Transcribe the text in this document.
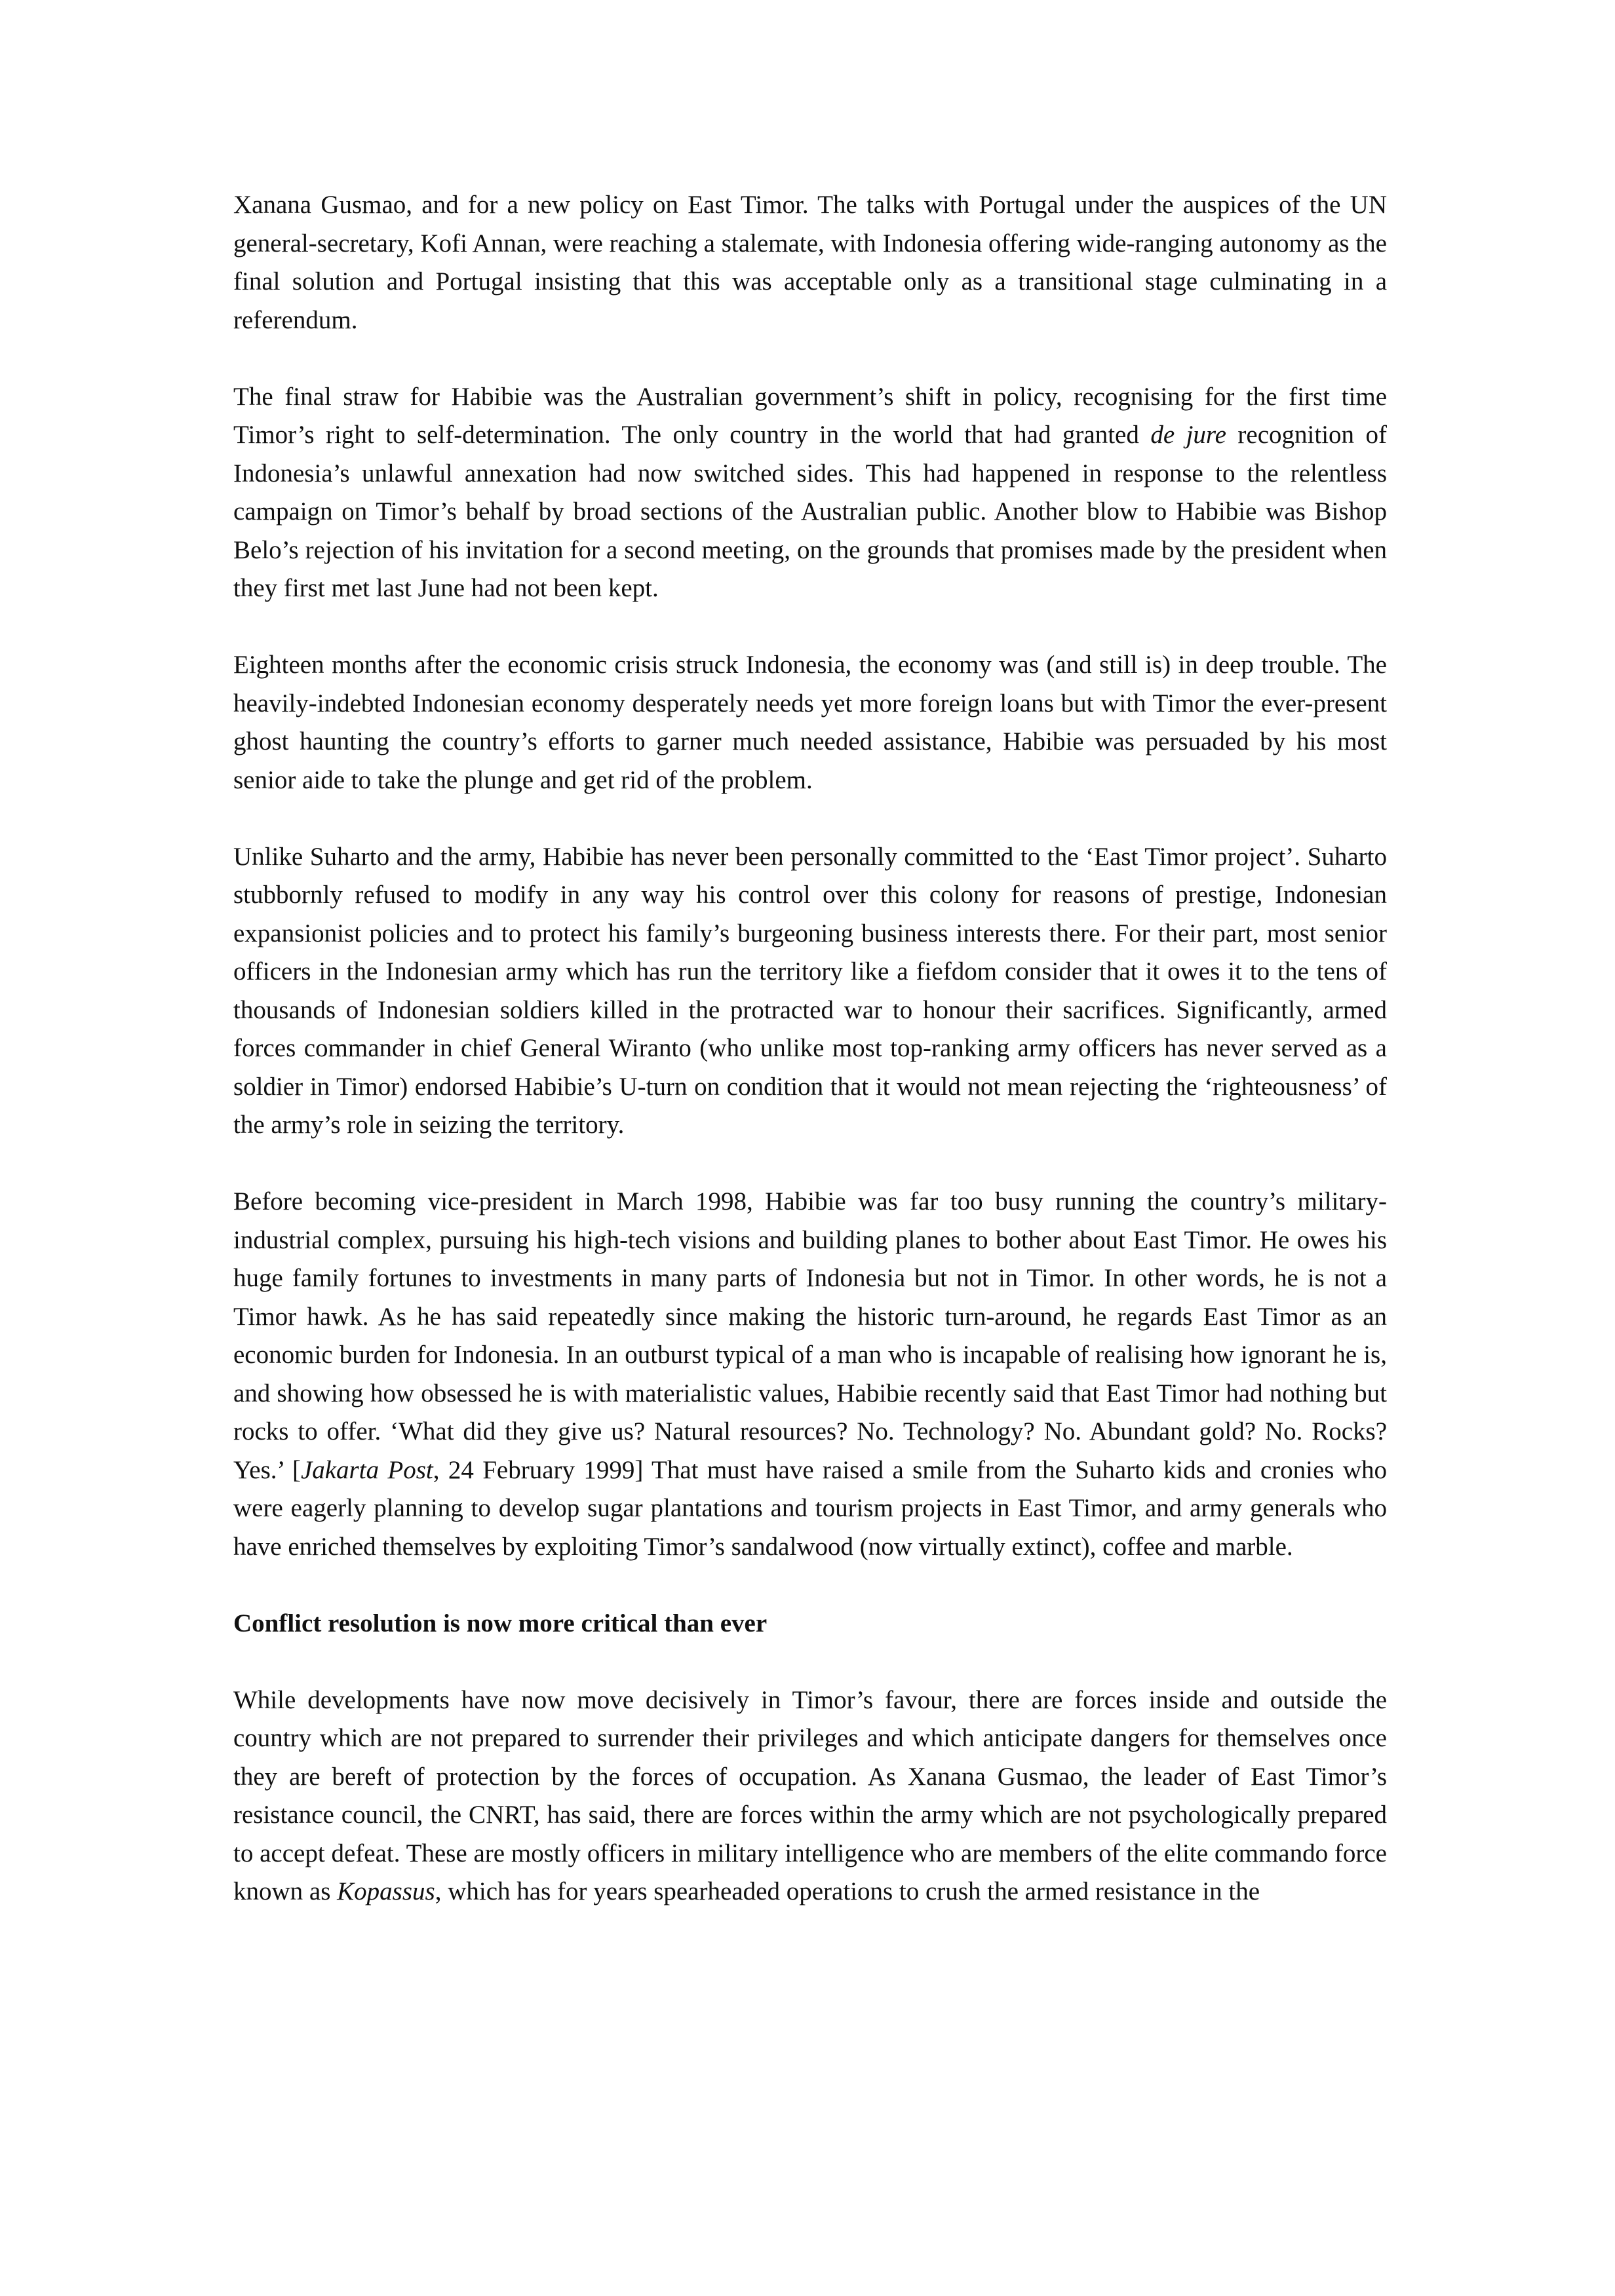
Xanana Gusmao, and for a new policy on East Timor. The talks with Portugal under the auspices of the UN general-secretary, Kofi Annan, were reaching a stalemate, with Indonesia offering wide-ranging autonomy as the final solution and Portugal insisting that this was acceptable only as a transitional stage culminating in a referendum.

The final straw for Habibie was the Australian government’s shift in policy, recognising for the first time Timor’s right to self-determination. The only country in the world that had granted de jure recognition of Indonesia’s unlawful annexation had now switched sides. This had happened in response to the relentless campaign on Timor’s behalf by broad sections of the Australian public. Another blow to Habibie was Bishop Belo’s rejection of his invitation for a second meeting, on the grounds that promises made by the president when they first met last June had not been kept.

Eighteen months after the economic crisis struck Indonesia, the economy was (and still is) in deep trouble. The heavily-indebted Indonesian economy desperately needs yet more foreign loans but with Timor the ever-present ghost haunting the country’s efforts to garner much needed assistance, Habibie was persuaded by his most senior aide to take the plunge and get rid of the problem.

Unlike Suharto and the army, Habibie has never been personally committed to the ‘East Timor project’. Suharto stubbornly refused to modify in any way his control over this colony for reasons of prestige, Indonesian expansionist policies and to protect his family’s burgeoning business interests there. For their part, most senior officers in the Indonesian army which has run the territory like a fiefdom consider that it owes it to the tens of thousands of Indonesian soldiers killed in the protracted war to honour their sacrifices. Significantly, armed forces commander in chief General Wiranto (who unlike most top-ranking army officers has never served as a soldier in Timor) endorsed Habibie’s U-turn on condition that it would not mean rejecting the ‘righteousness’ of the army’s role in seizing the territory.

Before becoming vice-president in March 1998, Habibie was far too busy running the country’s military-industrial complex, pursuing his high-tech visions and building planes to bother about East Timor. He owes his huge family fortunes to investments in many parts of Indonesia but not in Timor. In other words, he is not a Timor hawk. As he has said repeatedly since making the historic turn-around, he regards East Timor as an economic burden for Indonesia. In an outburst typical of a man who is incapable of realising how ignorant he is, and showing how obsessed he is with materialistic values, Habibie recently said that East Timor had nothing but rocks to offer. ‘What did they give us? Natural resources? No. Technology? No. Abundant gold? No. Rocks? Yes.’ [Jakarta Post, 24 February 1999] That must have raised a smile from the Suharto kids and cronies who were eagerly planning to develop sugar plantations and tourism projects in East Timor, and army generals who have enriched themselves by exploiting Timor’s sandalwood (now virtually extinct), coffee and marble.

Conflict resolution is now more critical than ever

While developments have now move decisively in Timor’s favour, there are forces inside and outside the country which are not prepared to surrender their privileges and which anticipate dangers for themselves once they are bereft of protection by the forces of occupation. As Xanana Gusmao, the leader of East Timor’s resistance council, the CNRT, has said, there are forces within the army which are not psychologically prepared to accept defeat. These are mostly officers in military intelligence who are members of the elite commando force known as Kopassus, which has for years spearheaded operations to crush the armed resistance in the
